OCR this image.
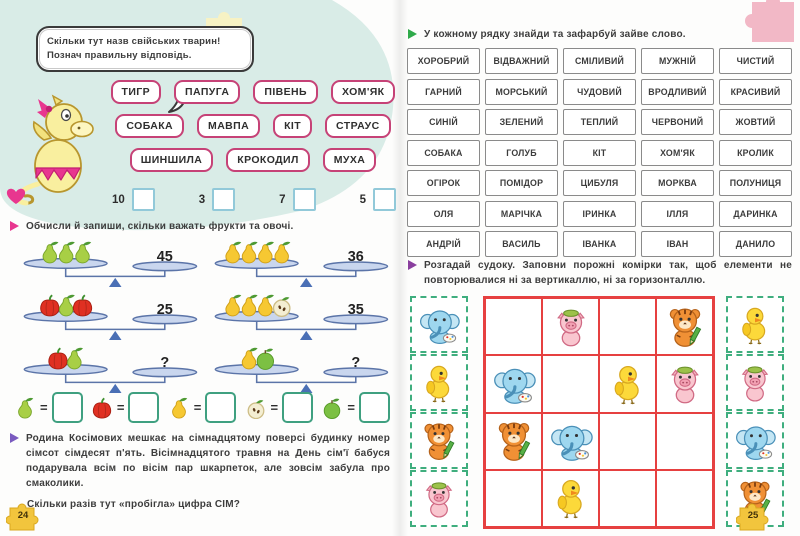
Скільки тут назв свійських тварин!
Познач правильну відповідь.
ТИГР	ПАПУГА	ПІВЕНЬ	ХОМ'ЯК
СОБАКА	МАВПА	КІТ	СТРАУС
ШИНШИЛА	КРОКОДИЛ	МУХА
10	3	7	5
Обчисли й запиши, скільки важать фрукти та овочі.
45	36
25	35
?	?
=	=	=	=	=
Родина Косімових мешкає на сімнадцятому поверсі будинку номер сімсот сімдесят п'ять. Вісімнадцятого травня на День сім'ї бабуся подарувала всім по вісім пар шкарпеток, але зовсім забула про смаколики.
Скільки разів тут «пробігла» цифра СІМ?
24
У кожному рядку знайди та зафарбуй зайве слово.
ХОРОБРИЙ	ВІДВАЖНИЙ	СМІЛИВИЙ	МУЖНІЙ	ЧИСТИЙ
ГАРНИЙ	МОРСЬКИЙ	ЧУДОВИЙ	ВРОДЛИВИЙ	КРАСИВИЙ
СИНІЙ	ЗЕЛЕНИЙ	ТЕПЛИЙ	ЧЕРВОНИЙ	ЖОВТИЙ
СОБАКА	ГОЛУБ	КІТ	ХОМ'ЯК	КРОЛИК
ОГІРОК	ПОМІДОР	ЦИБУЛЯ	МОРКВА	ПОЛУНИЦЯ
ОЛЯ	МАРІЧКА	ІРИНКА	ІЛЛЯ	ДАРИНКА
АНДРІЙ	ВАСИЛЬ	ІВАНКА	ІВАН	ДАНИЛО
Розгадай судоку. Заповни порожні комірки так, щоб елементи не повторювалися ні за вертикаллю, ні за горизонталлю.
25
